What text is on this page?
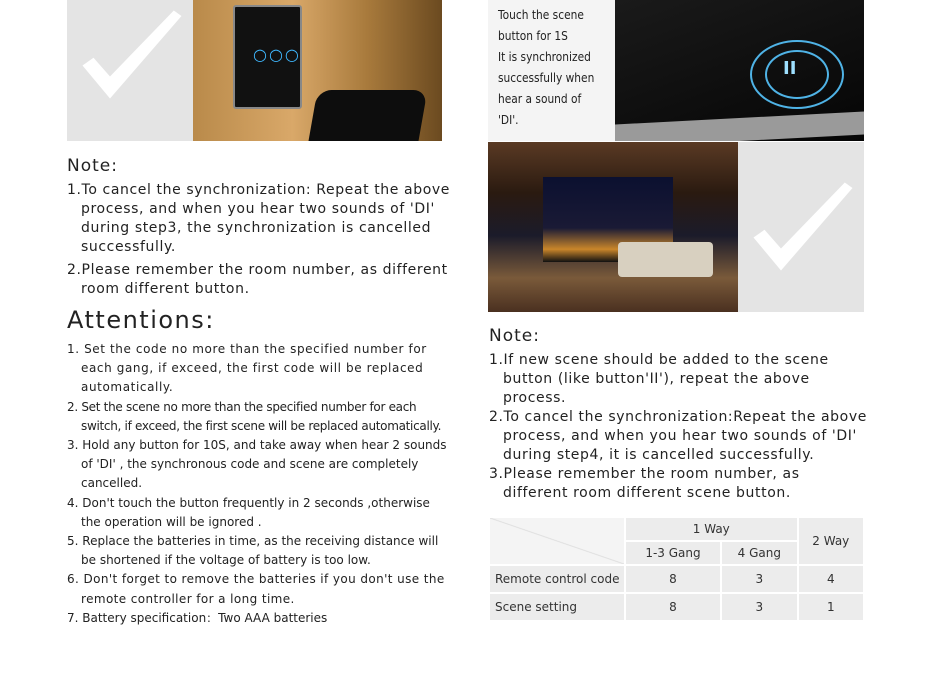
○○○
Touch the scene
button for 1S
It is synchronized
successfully when
hear a sound of 'DI'.
II
Note:
1.To cancel the synchronization: Repeat the above process, and when you hear two sounds of 'DI' during step3, the synchronization is cancelled successfully.
2.Please remember the room number, as different room different button.
Attentions:
1. Set the code no more than the specified number for each gang, if exceed, the first code will be replaced automatically.
2. Set the scene no more than the specified number for each switch, if exceed, the first scene will be replaced automatically.
3. Hold any button for 10S, and take away when hear 2 sounds of 'DI' , the synchronous code and scene are completely cancelled.
4. Don't touch the button frequently in 2 seconds ,otherwise the operation will be ignored .
5. Replace the batteries in time, as the receiving distance will be shortened if the voltage of battery is too low.
6. Don't forget to remove the batteries if you don't use the remote controller for a long time.
7. Battery specification：Two AAA batteries
Note:
1.If new scene should be added to the scene button (like button'II'), repeat the above process.
2.To cancel the synchronization:Repeat the above process, and when you hear two sounds of 'DI' during step4, it is cancelled successfully.
3.Please remember the room number, as different room different scene button.
	1 Way		2 Way
	1-3 Gang	4 Gang	
Remote control code	8	3	4
Scene setting	8	3	1
